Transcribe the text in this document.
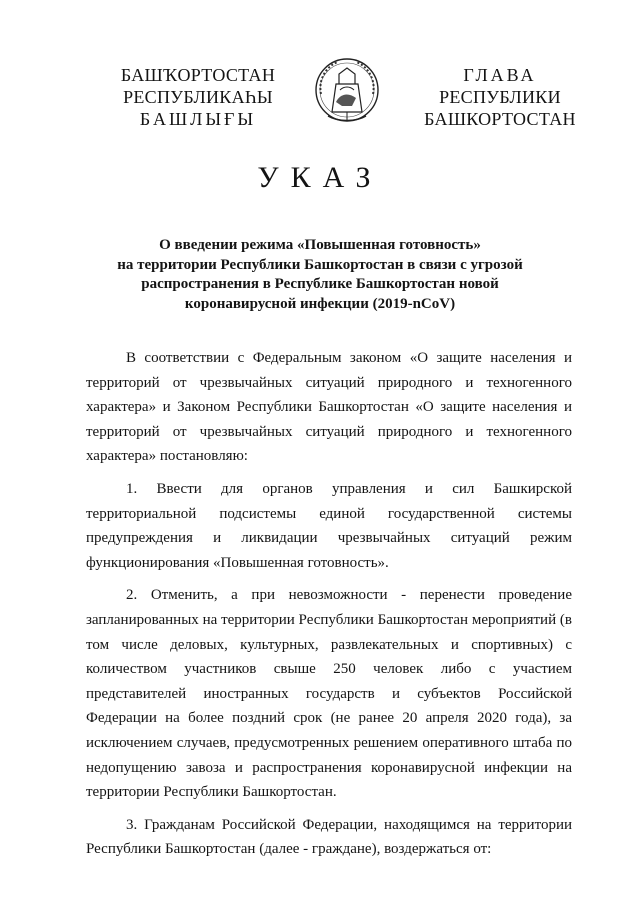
БАШҠОРТОСТАН
РЕСПУБЛИКАҺЫ
БАШЛЫҒЫ
ГЛАВА
РЕСПУБЛИКИ
БАШКОРТОСТАН
УКАЗ
О введении режима «Повышенная готовность»
на территории Республики Башкортостан в связи с угрозой
распространения в Республике Башкортостан новой
коронавирусной инфекции (2019-nCoV)

В соответствии с Федеральным законом «О защите населения и территорий от чрезвычайных ситуаций природного и техногенного характера» и Законом Республики Башкортостан «О защите населения и территорий от чрезвычайных ситуаций природного и техногенного характера» постановляю:

1. Ввести для органов управления и сил Башкирской территориальной подсистемы единой государственной системы предупреждения и ликвидации чрезвычайных ситуаций режим функционирования «Повышенная готовность».

2. Отменить, а при невозможности - перенести проведение запланированных на территории Республики Башкортостан мероприятий (в том числе деловых, культурных, развлекательных и спортивных) с количеством участников свыше 250 человек либо с участием представителей иностранных государств и субъектов Российской Федерации на более поздний срок (не ранее 20 апреля 2020 года), за исключением случаев, предусмотренных решением оперативного штаба по недопущению завоза и распространения коронавирусной инфекции на территории Республики Башкортостан.

3. Гражданам Российской Федерации, находящимся на территории Республики Башкортостан (далее - граждане), воздержаться от:
